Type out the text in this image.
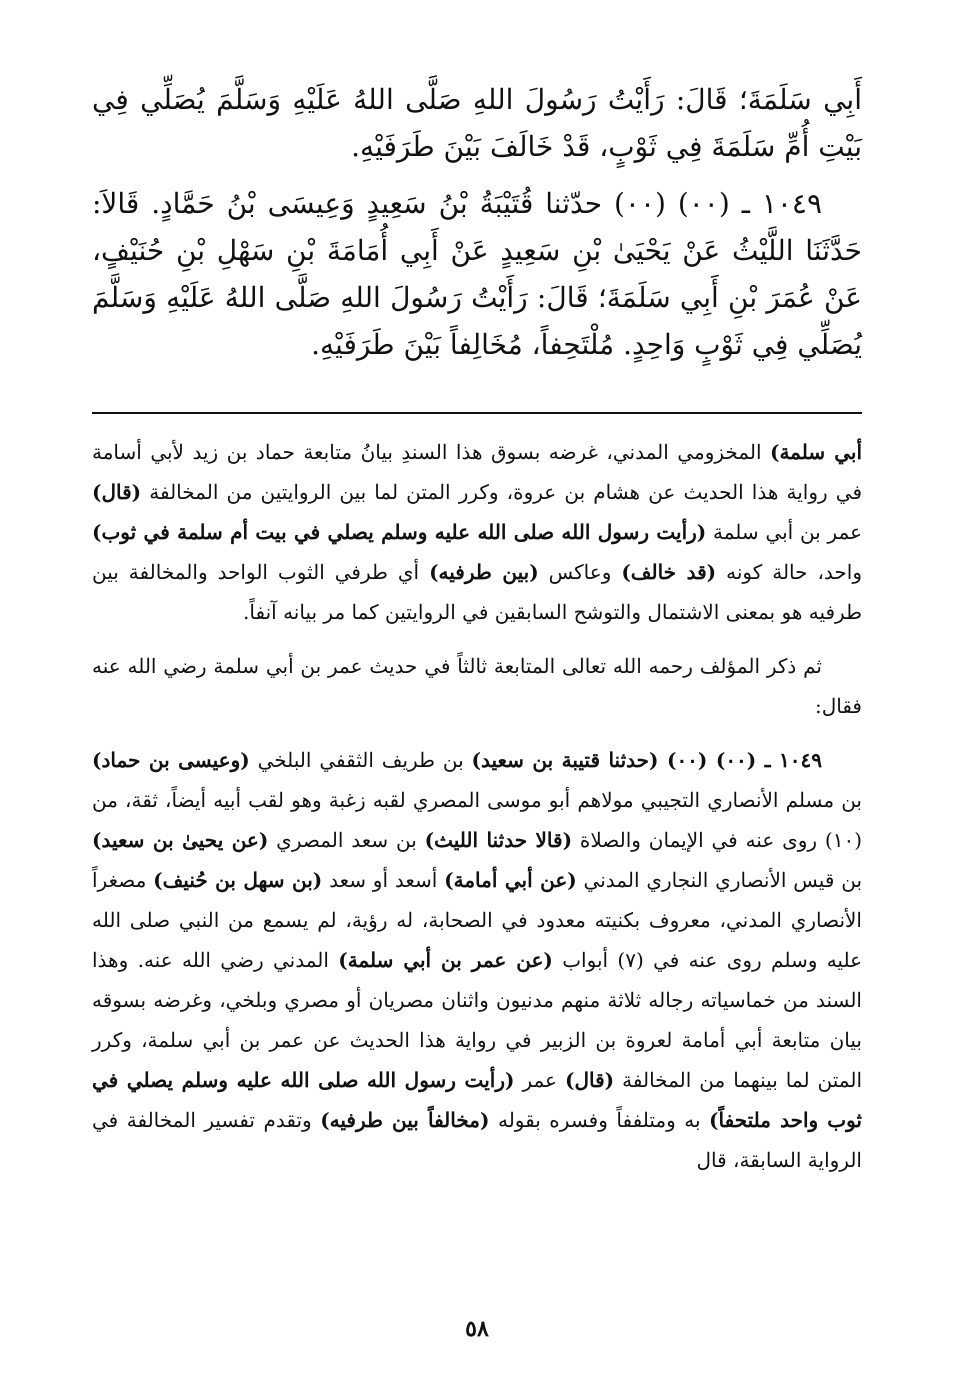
أَبِي سَلَمَةَ؛ قَالَ: رَأَيْتُ رَسُولَ اللهِ صَلَّى اللهُ عَلَيْهِ وَسَلَّمَ يُصَلِّي فِي بَيْتِ أُمِّ سَلَمَةَ فِي ثَوْبٍ، قَدْ خَالَفَ بَيْنَ طَرَفَيْهِ.

١٠٤٩ ـ (٠٠) (٠٠) حدّثنا قُتَيْبَةُ بْنُ سَعِيدٍ وَعِيسَى بْنُ حَمَّادٍ. قَالاَ: حَدَّثَنَا اللَّيْثُ عَنْ يَحْيَىٰ بْنِ سَعِيدٍ عَنْ أَبِي أُمَامَةَ بْنِ سَهْلِ بْنِ حُنَيْفٍ، عَنْ عُمَرَ بْنِ أَبِي سَلَمَةَ؛ قَالَ: رَأَيْتُ رَسُولَ اللهِ صَلَّى اللهُ عَلَيْهِ وَسَلَّمَ يُصَلِّي فِي ثَوْبٍ وَاحِدٍ. مُلْتَحِفاً، مُخَالِفاً بَيْنَ طَرَفَيْهِ.

أبي سلمة) المخزومي المدني، غرضه بسوق هذا السندِ بيانُ متابعة حماد بن زيد لأبي أسامة في رواية هذا الحديث عن هشام بن عروة، وكرر المتن لما بين الروايتين من المخالفة (قال) عمر بن أبي سلمة (رأيت رسول الله صلى الله عليه وسلم يصلي في بيت أم سلمة في ثوب) واحد، حالة كونه (قد خالف) وعاكس (بين طرفيه) أي طرفي الثوب الواحد والمخالفة بين طرفيه هو بمعنى الاشتمال والتوشح السابقين في الروايتين كما مر بيانه آنفاً.

ثم ذكر المؤلف رحمه الله تعالى المتابعة ثالثاً في حديث عمر بن أبي سلمة رضي الله عنه فقال:

١٠٤٩ ـ (٠٠) (٠٠) (حدثنا قتيبة بن سعيد) بن طريف الثقفي البلخي (وعيسى بن حماد) بن مسلم الأنصاري التجيبي مولاهم أبو موسى المصري لقبه زغبة وهو لقب أبيه أيضاً، ثقة، من (١٠) روى عنه في الإيمان والصلاة (قالا حدثنا الليث) بن سعد المصري (عن يحيىٰ بن سعيد) بن قيس الأنصاري النجاري المدني (عن أبي أمامة) أسعد أو سعد (بن سهل بن حُنيف) مصغراً الأنصاري المدني، معروف بكنيته معدود في الصحابة، له رؤية، لم يسمع من النبي صلى الله عليه وسلم روى عنه في (٧) أبواب (عن عمر بن أبي سلمة) المدني رضي الله عنه. وهذا السند من خماسياته رجاله ثلاثة منهم مدنيون واثنان مصريان أو مصري وبلخي، وغرضه بسوقه بيان متابعة أبي أمامة لعروة بن الزبير في رواية هذا الحديث عن عمر بن أبي سلمة، وكرر المتن لما بينهما من المخالفة (قال) عمر (رأيت رسول الله صلى الله عليه وسلم يصلي في ثوب واحد ملتحفاً) به ومتلففاً وفسره بقوله (مخالفاً بين طرفيه) وتقدم تفسير المخالفة في الرواية السابقة، قال

٥٨
